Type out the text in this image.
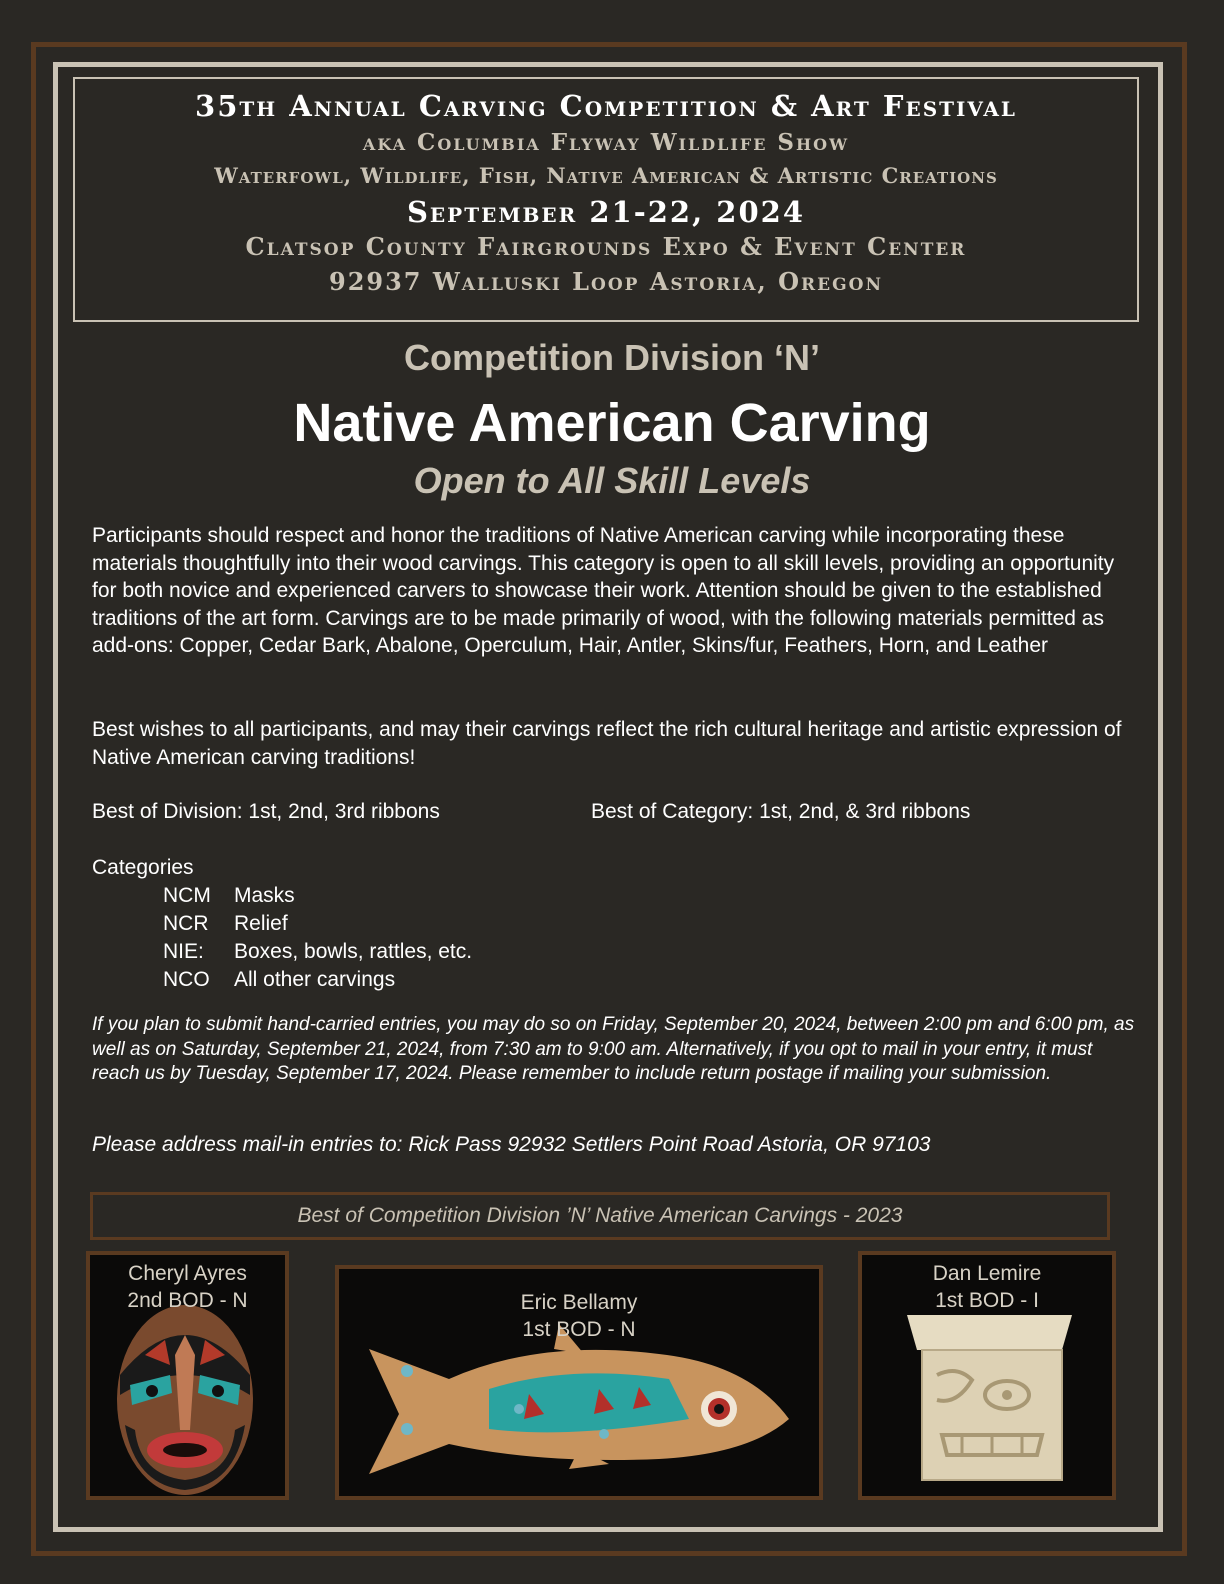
35th Annual Carving Competition & Art Festival
aka Columbia Flyway Wildlife Show
Waterfowl, Wildlife, Fish, Native American & Artistic Creations
September 21-22, 2024
Clatsop County Fairgrounds Expo & Event Center
92937 Walluski Loop Astoria, Oregon
Competition Division ‘N’
Native American Carving
Open to All Skill Levels
Participants should respect and honor the traditions of Native American carving while incorporating these materials thoughtfully into their wood carvings. This category is open to all skill levels, providing an opportunity for both novice and experienced carvers to showcase their work. Attention should be given to the established traditions of the art form. Carvings are to be made primarily of wood, with the following materials permitted as add-ons: Copper, Cedar Bark, Abalone, Operculum, Hair, Antler, Skins/fur, Feathers, Horn, and Leather
Best wishes to all participants, and may their carvings reflect the rich cultural heritage and artistic expression of Native American carving traditions!
Best of Division: 1st, 2nd, 3rd ribbons	Best of Category: 1st, 2nd, & 3rd ribbons
Categories
NCM Masks
NCR Relief
NIE: Boxes, bowls, rattles, etc.
NCO All other carvings
If you plan to submit hand-carried entries, you may do so on Friday, September 20, 2024, between 2:00 pm and 6:00 pm, as well as on Saturday, September 21, 2024, from 7:30 am to 9:00 am. Alternatively, if you opt to mail in your entry, it must reach us by Tuesday, September 17, 2024. Please remember to include return postage if mailing your submission.
Please address mail-in entries to: Rick Pass 92932 Settlers Point Road Astoria, OR 97103
Best of Competition Division ’N’ Native American Carvings - 2023
Cheryl Ayres
2nd BOD - N	Eric Bellamy
1st BOD - N
Dan Lemire
1st BOD - I
